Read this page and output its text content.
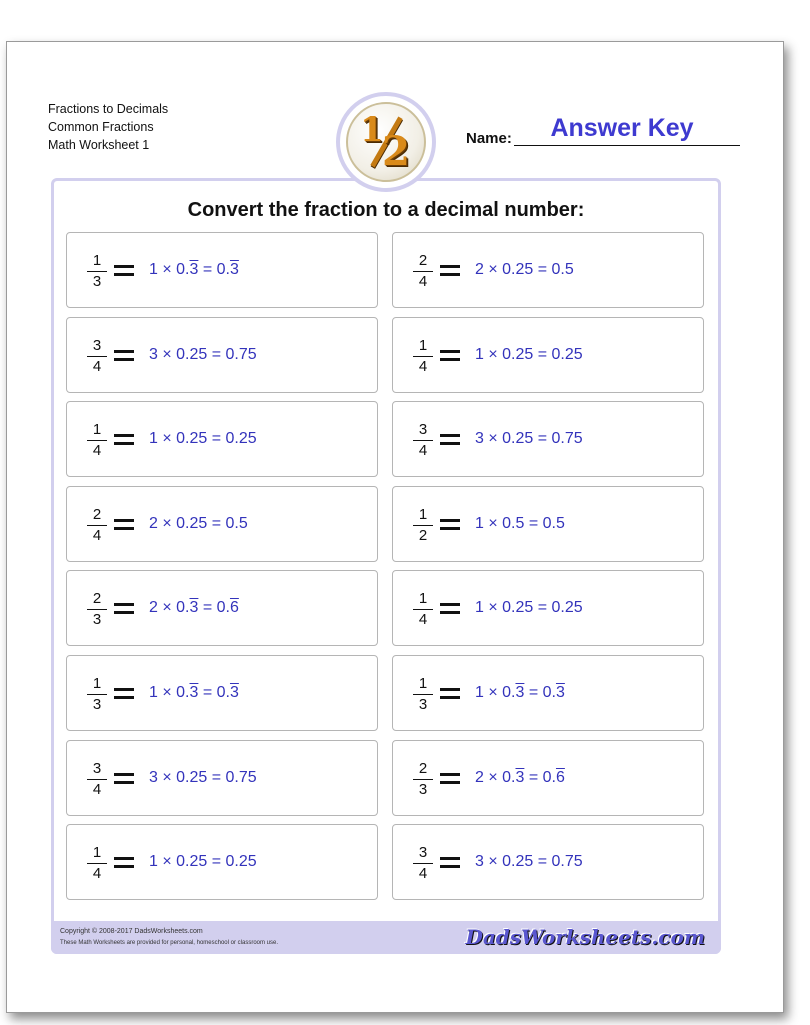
Fractions to Decimals
Common Fractions
Math Worksheet 1	1
2	Name:	Answer Key
Convert the fraction to a decimal number:
1
3
1 × 0.3 = 0.3
3
4
3 × 0.25 = 0.75
1
4
1 × 0.25 = 0.25
2
4
2 × 0.25 = 0.5
2
3
2 × 0.3 = 0.6
1
3
1 × 0.3 = 0.3
3
4
3 × 0.25 = 0.75
1
4
1 × 0.25 = 0.25
2
4
2 × 0.25 = 0.5
1
4
1 × 0.25 = 0.25
3
4
3 × 0.25 = 0.75
1
2
1 × 0.5 = 0.5
1
4
1 × 0.25 = 0.25
1
3
1 × 0.3 = 0.3
2
3
2 × 0.3 = 0.6
3
4
3 × 0.25 = 0.75
Copyright © 2008-2017 DadsWorksheets.com
These Math Worksheets are provided for personal, homeschool or classroom use.	DadsWorksheets.com
